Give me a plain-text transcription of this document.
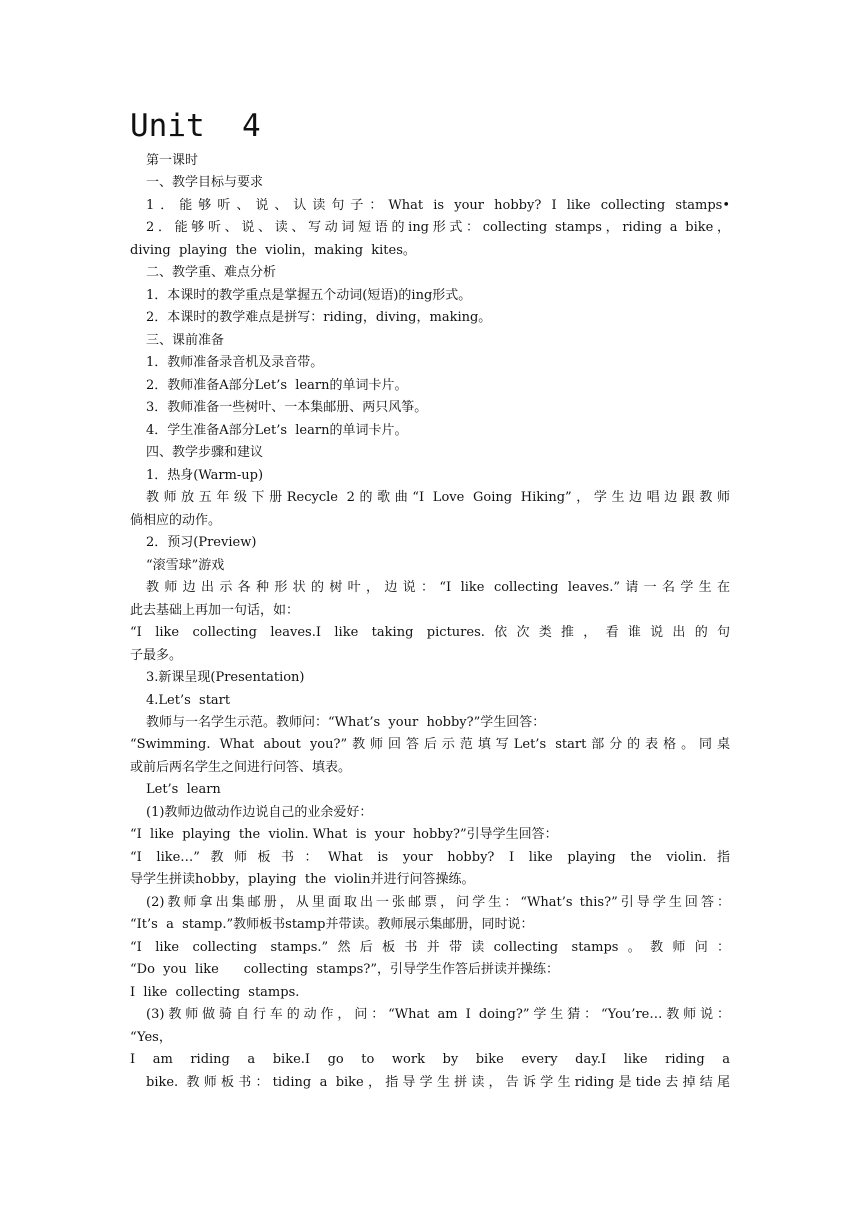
Unit  4
第一课时
一、教学目标与要求
1．能够听、说、认读句子：What is your hobby? I like collecting stamps•
2．能够听、说、读、写动词短语的ing形式：collecting stamps，riding a bike，
diving  playing  the  violin，making  kites。
二、教学重、难点分析
1．本课时的教学重点是掌握五个动词(短语)的ing形式。
2．本课时的教学难点是拼写：riding，diving，making。
三、课前准备
1．教师准备录音机及录音带。
2．教师准备A部分Let’s  learn的单词卡片。
3．教师准备一些树叶、一本集邮册、两只风筝。
4．学生准备A部分Let’s  learn的单词卡片。
四、教学步骤和建议
1．热身(Warm-up)
教师放五年级下册Recycle 2的歌曲“I Love Going Hiking”，学生边唱边跟教师
倘相应的动作。
2．预习(Preview)
“滚雪球”游戏
教师边出示各种形状的树叶，边说：“I like collecting leaves.”请一名学生在
此去基础上再加一句话，如：
“I like collecting leaves.I like taking pictures.依次类推，看谁说出的句
子最多。
3.新课呈现(Presentation)
4.Let’s  start
教师与一名学生示范。教师问：“What’s  your  hobby?”学生回答：
“Swimming. What about you?”教师回答后示范填写Let’s start部分的表格。同桌
或前后两名学生之间进行问答、填表。
Let’s  learn
(1)教师边做动作边说自己的业余爱好：
“I  like  playing  the  violin. What  is  your  hobby?”引导学生回答：
“I like…”教师板书：What is your hobby? I like playing the violin.指
导学生拼读hobby，playing  the  violin并进行问答操练。
(2)教师拿出集邮册，从里面取出一张邮票，问学生：“What’s this?”引导学生回答：
“It’s  a  stamp.”教师板书stamp并带读。教师展示集邮册，同时说：
“I like collecting stamps.”然后板书并带读collecting stamps。教师问：
“Do  you  like      collecting  stamps?”，引导学生作答后拼读并操练：
I  like  collecting  stamps.
(3)教师做骑自行车的动作，问：“What am I doing?”学生猜：“You’re…教师说：
“Yes，
I am riding a bike.I go to work by bike every day.I like riding a
bike. 教师板书：tiding a bike，指导学生拼读，告诉学生riding是tide去掉结尾
